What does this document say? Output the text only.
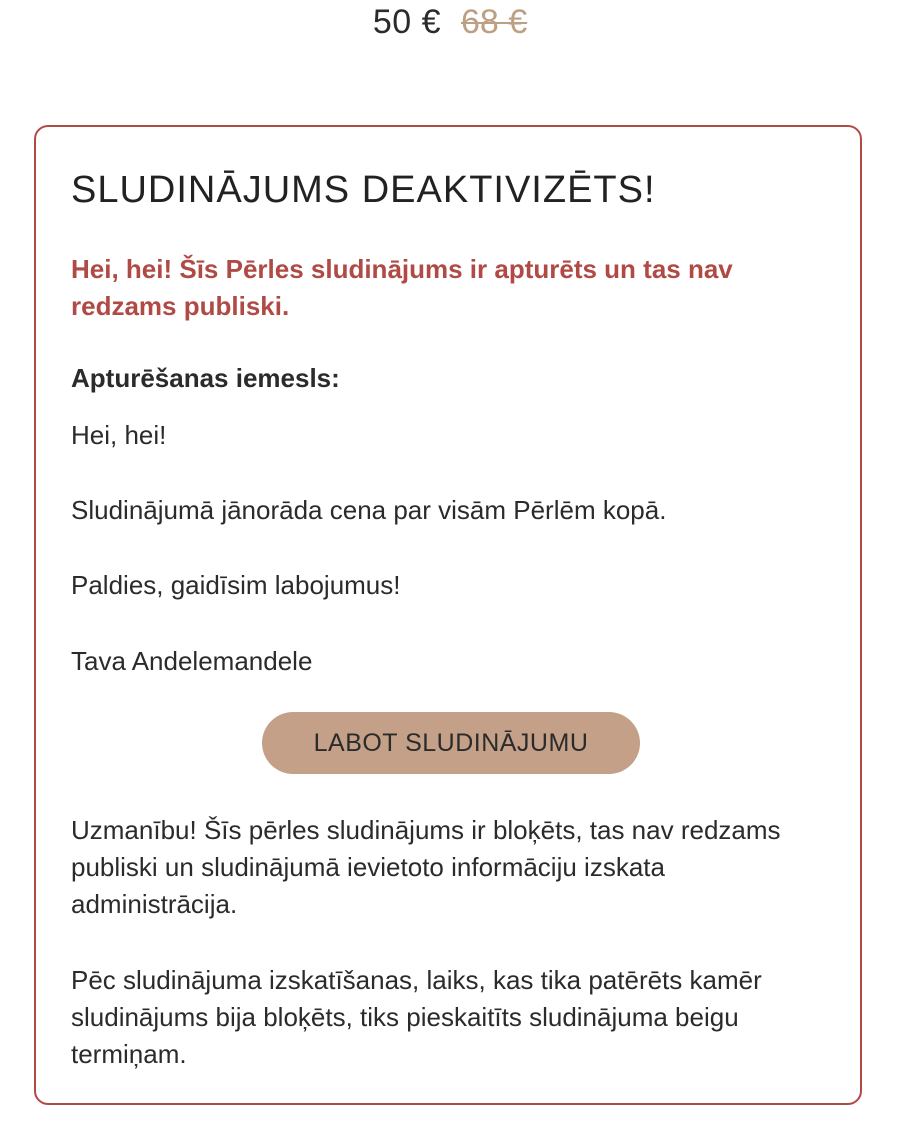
50 € 68 €
SLUDINĀJUMS DEAKTIVIZĒTS!

Hei, hei! Šīs Pērles sludinājums ir apturēts un tas nav redzams publiski.

Apturēšanas iemesls:

Hei, hei!

Sludinājumā jānorāda cena par visām Pērlēm kopā.

Paldies, gaidīsim labojumus!

Tava Andelemandele

LABOT SLUDINĀJUMU

Uzmanību! Šīs pērles sludinājums ir bloķēts, tas nav redzams publiski un sludinājumā ievietoto informāciju izskata administrācija.

Pēc sludinājuma izskatīšanas, laiks, kas tika patērēts kamēr sludinājums bija bloķēts, tiks pieskaitīts sludinājuma beigu termiņam.
